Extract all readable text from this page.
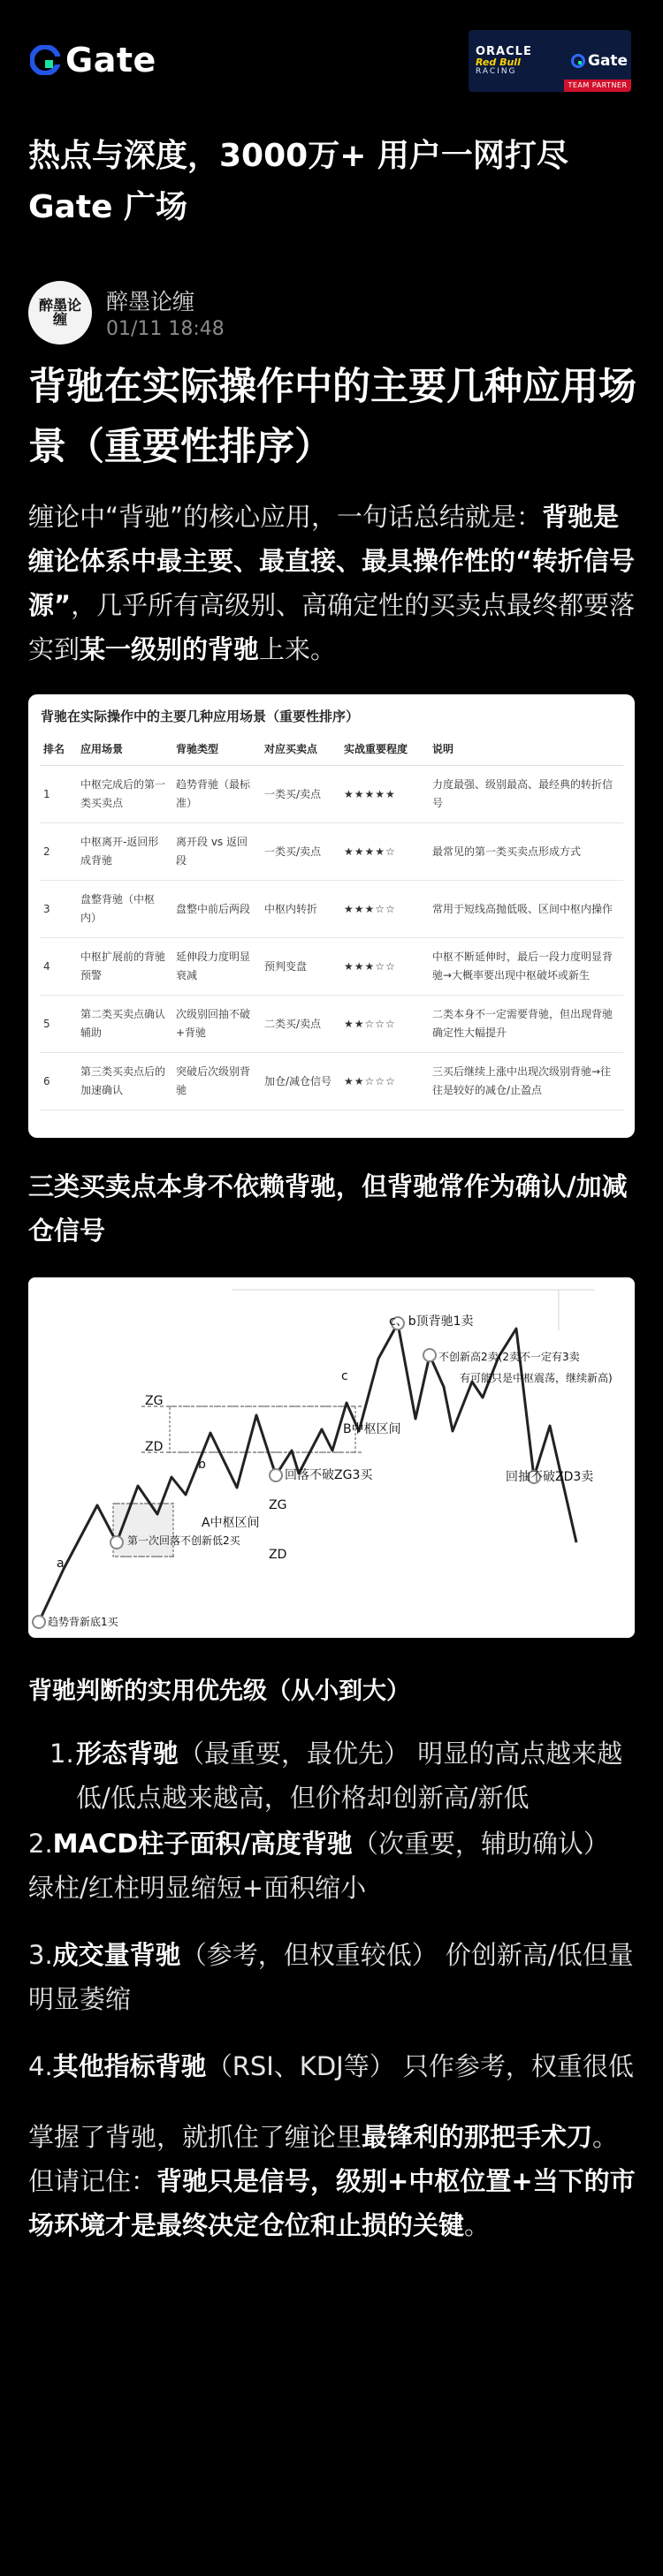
Gate	ORACLE
Red Bull
RACING
Gate
TEAM PARTNER
热点与深度，3000万+ 用户一网打尽
Gate 广场
醉墨论缠
醉墨论缠
01/11 18:48
背驰在实际操作中的主要几种应用场景（重要性排序）
缠论中“背驰”的核心应用，一句话总结就是：背驰是缠论体系中最主要、最直接、最具操作性的“转折信号源”，几乎所有高级别、高确定性的买卖点最终都要落实到某一级别的背驰上来。
背驰在实际操作中的主要几种应用场景（重要性排序）
排名	应用场景	背驰类型	对应买卖点	实战重要程度	说明
1	中枢完成后的第一类买卖点	趋势背驰（最标准）	一类买/卖点	★★★★★	力度最强、级别最高、最经典的转折信号
2	中枢离开-返回形成背驰	离开段 vs 返回段	一类买/卖点	★★★★☆	最常见的第一类买卖点形成方式
3	盘整背驰（中枢内）	盘整中前后两段	中枢内转折	★★★☆☆	常用于短线高抛低吸、区间中枢内操作
4	中枢扩展前的背驰预警	延伸段力度明显衰减	预判变盘	★★★☆☆	中枢不断延伸时，最后一段力度明显背驰→大概率要出现中枢破坏或新生
5	第二类买卖点确认辅助	次级别回抽不破+背驰	二类买/卖点	★★☆☆☆	二类本身不一定需要背驰，但出现背驰确定性大幅提升
6	第三类买卖点后的加速确认	突破后次级别背驰	加仓/减仓信号	★★☆☆☆	三买后继续上涨中出现次级别背驰→往往是较好的减仓/止盈点
三类买卖点本身不依赖背驰，但背驰常作为确认/加减仓信号
ZG
ZD
ZG
ZD
a
b
c
c、b顶背驰1卖
不创新高2卖(2卖不一定有3卖
有可能只是中枢震荡，继续新高)
B中枢区间
回落不破ZG3买	回抽不破ZD3卖
A中枢区间
第一次回落不创新低2买
趋势背新底1买
背驰判断的实用优先级（从小到大）
1. 形态背驰（最重要，最优先） 明显的高点越来越低/低点越来越高，但价格却创新高/新低
2.MACD柱子面积/高度背驰（次重要，辅助确认） 绿柱/红柱明显缩短+面积缩小
3.成交量背驰（参考，但权重较低） 价创新高/低但量明显萎缩
4.其他指标背驰（RSI、KDJ等） 只作参考，权重很低
掌握了背驰，就抓住了缠论里最锋利的那把手术刀。但请记住：背驰只是信号，级别+中枢位置+当下的市场环境才是最终决定仓位和止损的关键。
